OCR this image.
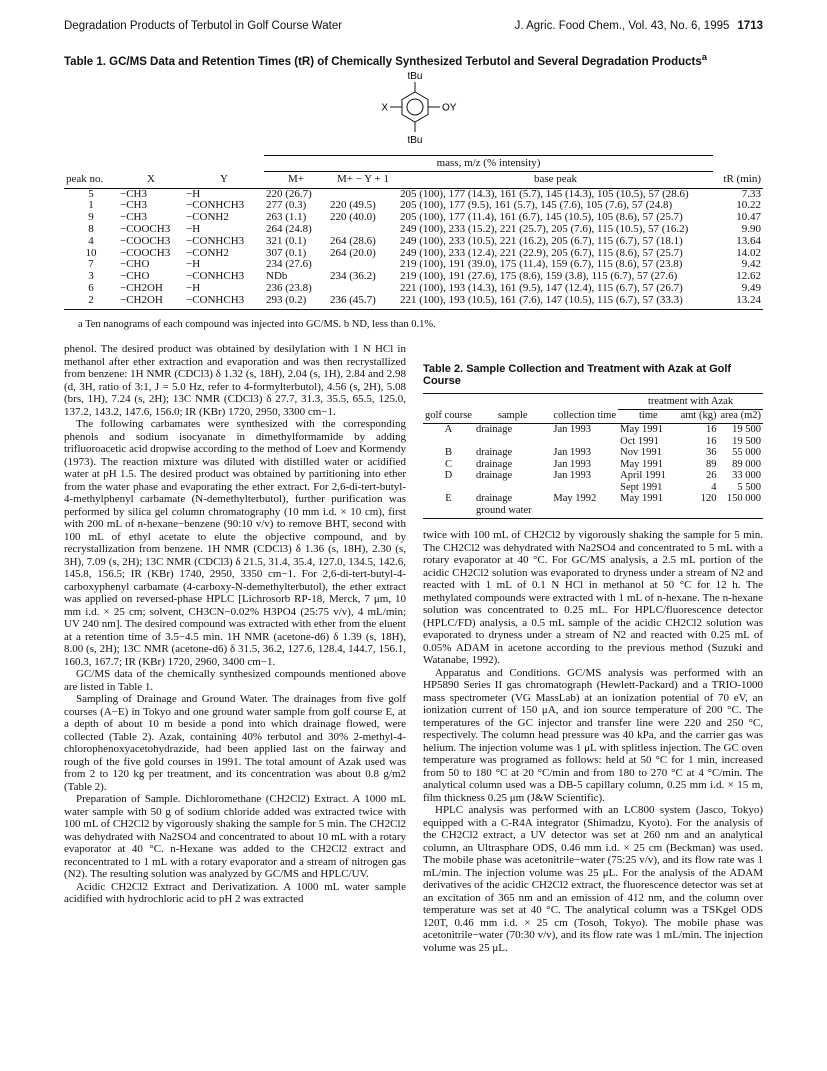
Degradation Products of Terbutol in Golf Course Water	J. Agric. Food Chem., Vol. 43, No. 6, 1995 1713
Table 1. GC/MS Data and Retention Times (tR) of Chemically Synthesized Terbutol and Several Degradation Products$^a$
tBu
tBu
X	OY
			mass, m/z (% intensity)			
peak no.	X	Y	M+	M+ − Y + 1	base peak	tR (min)
5	−CH3	−H	220 (26.7)		205 (100), 177 (14.3), 161 (5.7), 145 (14.3), 105 (10.5), 57 (28.6)	7.33
1	−CH3	−CONHCH3	277 (0.3)	220 (49.5)	205 (100), 177 (9.5), 161 (5.7), 145 (7.6), 105 (7.6), 57 (24.8)	10.22
9	−CH3	−CONH2	263 (1.1)	220 (40.0)	205 (100), 177 (11.4), 161 (6.7), 145 (10.5), 105 (8.6), 57 (25.7)	10.47
8	−COOCH3	−H	264 (24.8)		249 (100), 233 (15.2), 221 (25.7), 205 (7.6), 115 (10.5), 57 (16.2)	9.90
4	−COOCH3	−CONHCH3	321 (0.1)	264 (28.6)	249 (100), 233 (10.5), 221 (16.2), 205 (6.7), 115 (6.7), 57 (18.1)	13.64
10	−COOCH3	−CONH2	307 (0.1)	264 (20.0)	249 (100), 233 (12.4), 221 (22.9), 205 (6.7), 115 (8.6), 57 (25.7)	14.02
7	−CHO	−H	234 (27.6)		219 (100), 191 (39.0), 175 (11.4), 159 (6.7), 115 (8.6), 57 (23.8)	9.42
3	−CHO	−CONHCH3	NDb	234 (36.2)	219 (100), 191 (27.6), 175 (8.6), 159 (3.8), 115 (6.7), 57 (27.6)	12.62
6	−CH2OH	−H	236 (23.8)		221 (100), 193 (14.3), 161 (9.5), 147 (12.4), 115 (6.7), 57 (26.7)	9.49
2	−CH2OH	−CONHCH3	293 (0.2)	236 (45.7)	221 (100), 193 (10.5), 161 (7.6), 147 (10.5), 115 (6.7), 57 (33.3)	13.24
a Ten nanograms of each compound was injected into GC/MS. b ND, less than 0.1%.

phenol. The desired product was obtained by desilylation with 1 N HCl in methanol after ether extraction and evaporation and was then recrystallized from benzene: 1H NMR (CDCl3) δ 1.32 (s, 18H), 2.04 (s, 1H), 2.84 and 2.98 (d, 3H, ratio of 3:1, J = 5.0 Hz, refer to 4-formylterbutol), 4.56 (s, 2H), 5.08 (brs, 1H), 7.24 (s, 2H); 13C NMR (CDCl3) δ 27.7, 31.3, 35.5, 65.5, 125.0, 137.2, 143.2, 147.6, 156.0; IR (KBr) 1720, 2950, 3300 cm−1.

The following carbamates were synthesized with the corresponding phenols and sodium isocyanate in dimethylformamide by adding trifluoroacetic acid dropwise according to the method of Loev and Kormendy (1973). The reaction mixture was diluted with distilled water or acidified water at pH 1.5. The desired product was obtained by partitioning into ether from the water phase and evaporating the ether extract. For 2,6-di-tert-butyl-4-methylphenyl carbamate (N-demethylterbutol), further purification was performed by silica gel column chromatography (10 mm i.d. × 10 cm), first with 200 mL of n-hexane−benzene (90:10 v/v) to remove BHT, second with 100 mL of ethyl acetate to elute the objective compound, and by recrystallization from benzene. 1H NMR (CDCl3) δ 1.36 (s, 18H), 2.30 (s, 3H), 7.09 (s, 2H); 13C NMR (CDCl3) δ 21.5, 31.4, 35.4, 127.0, 134.5, 142.6, 145.8, 156.5; IR (KBr) 1740, 2950, 3350 cm−1. For 2,6-di-tert-butyl-4-carboxyphenyl carbamate (4-carboxy-N-demethylterbutol), the ether extract was applied on reversed-phase HPLC [Lichrosorb RP-18, Merck, 7 μm, 10 mm i.d. × 25 cm; solvent, CH3CN−0.02% H3PO4 (25:75 v/v), 4 mL/min; UV 240 nm]. The desired compound was extracted with ether from the eluent at a retention time of 3.5−4.5 min. 1H NMR (acetone-d6) δ 1.39 (s, 18H), 8.00 (s, 2H); 13C NMR (acetone-d6) δ 31.5, 36.2, 127.6, 128.4, 144.7, 156.1, 160.3, 167.7; IR (KBr) 1720, 2960, 3400 cm−1.

GC/MS data of the chemically synthesized compounds mentioned above are listed in Table 1.

Sampling of Drainage and Ground Water. The drainages from five golf courses (A−E) in Tokyo and one ground water sample from golf course E, at a depth of about 10 m beside a pond into which drainage flowed, were collected (Table 2). Azak, containing 40% terbutol and 30% 2-methyl-4-chlorophenoxyacetohydrazide, had been applied last on the fairway and rough of the five gold courses in 1991. The total amount of Azak used was from 2 to 120 kg per treatment, and its concentration was about 0.8 g/m2 (Table 2).

Preparation of Sample. Dichloromethane (CH2Cl2) Extract. A 1000 mL water sample with 50 g of sodium chloride added was extracted twice with 100 mL of CH2Cl2 by vigorously shaking the sample for 5 min. The CH2Cl2 was dehydrated with Na2SO4 and concentrated to about 10 mL with a rotary evaporator at 40 °C. n-Hexane was added to the CH2Cl2 extract and reconcentrated to 1 mL with a rotary evaporator and a stream of nitrogen gas (N2). The resulting solution was analyzed by GC/MS and HPLC/UV.

Acidic CH2Cl2 Extract and Derivatization. A 1000 mL water sample acidified with hydrochloric acid to pH 2 was extracted

Table 2. Sample Collection and Treatment with Azak at Golf Course
			treatment with Azak		
golf course	sample	collection time	time	amt (kg)	area (m2)
A	drainage	Jan 1993	May 1991	16	19 500
			Oct 1991	16	19 500
B	drainage	Jan 1993	Nov 1991	36	55 000
C	drainage	Jan 1993	May 1991	89	89 000
D	drainage	Jan 1993	April 1991	26	33 000
			Sept 1991	4	5 500
E	drainage	May 1992	May 1991	120	150 000
	ground water				

twice with 100 mL of CH2Cl2 by vigorously shaking the sample for 5 min. The CH2Cl2 was dehydrated with Na2SO4 and concentrated to 5 mL with a rotary evaporator at 40 °C. For GC/MS analysis, a 2.5 mL portion of the acidic CH2Cl2 solution was evaporated to dryness under a stream of N2 and reacted with 1 mL of 0.1 N HCl in methanol at 50 °C for 12 h. The methylated compounds were extracted with 1 mL of n-hexane. The n-hexane solution was concentrated to 0.25 mL. For HPLC/fluorescence detector (HPLC/FD) analysis, a 0.5 mL sample of the acidic CH2Cl2 solution was evaporated to dryness under a stream of N2 and reacted with 0.25 mL of 0.05% ADAM in acetone according to the previous method (Suzuki and Watanabe, 1992).

Apparatus and Conditions. GC/MS analysis was performed with an HP5890 Series II gas chromatograph (Hewlett-Packard) and a TRIO-1000 mass spectrometer (VG MassLab) at an ionization potential of 70 eV, an ionization current of 150 μA, and ion source temperature of 200 °C. The temperatures of the GC injector and transfer line were 220 and 250 °C, respectively. The column head pressure was 40 kPa, and the carrier gas was helium. The injection volume was 1 μL with splitless injection. The GC oven temperature was programed as follows: held at 50 °C for 1 min, increased from 50 to 180 °C at 20 °C/min and from 180 to 270 °C at 4 °C/min. The analytical column used was a DB-5 capillary column, 0.25 mm i.d. × 15 m, film thickness 0.25 μm (J&W Scientific).

HPLC analysis was performed with an LC800 system (Jasco, Tokyo) equipped with a C-R4A integrator (Shimadzu, Kyoto). For the analysis of the CH2Cl2 extract, a UV detector was set at 260 nm and an analytical column, an Ultrasphare ODS, 0.46 mm i.d. × 25 cm (Beckman) was used. The mobile phase was acetonitrile−water (75:25 v/v), and its flow rate was 1 mL/min. The injection volume was 25 μL. For the analysis of the ADAM derivatives of the acidic CH2Cl2 extract, the fluorescence detector was set at an excitation of 365 nm and an emission of 412 nm, and the column over temperature was set at 40 °C. The analytical column was a TSKgel ODS 120T, 0.46 mm i.d. × 25 cm (Tosoh, Tokyo). The mobile phase was acetonitrile−water (70:30 v/v), and its flow rate was 1 mL/min. The injection volume was 25 μL.
